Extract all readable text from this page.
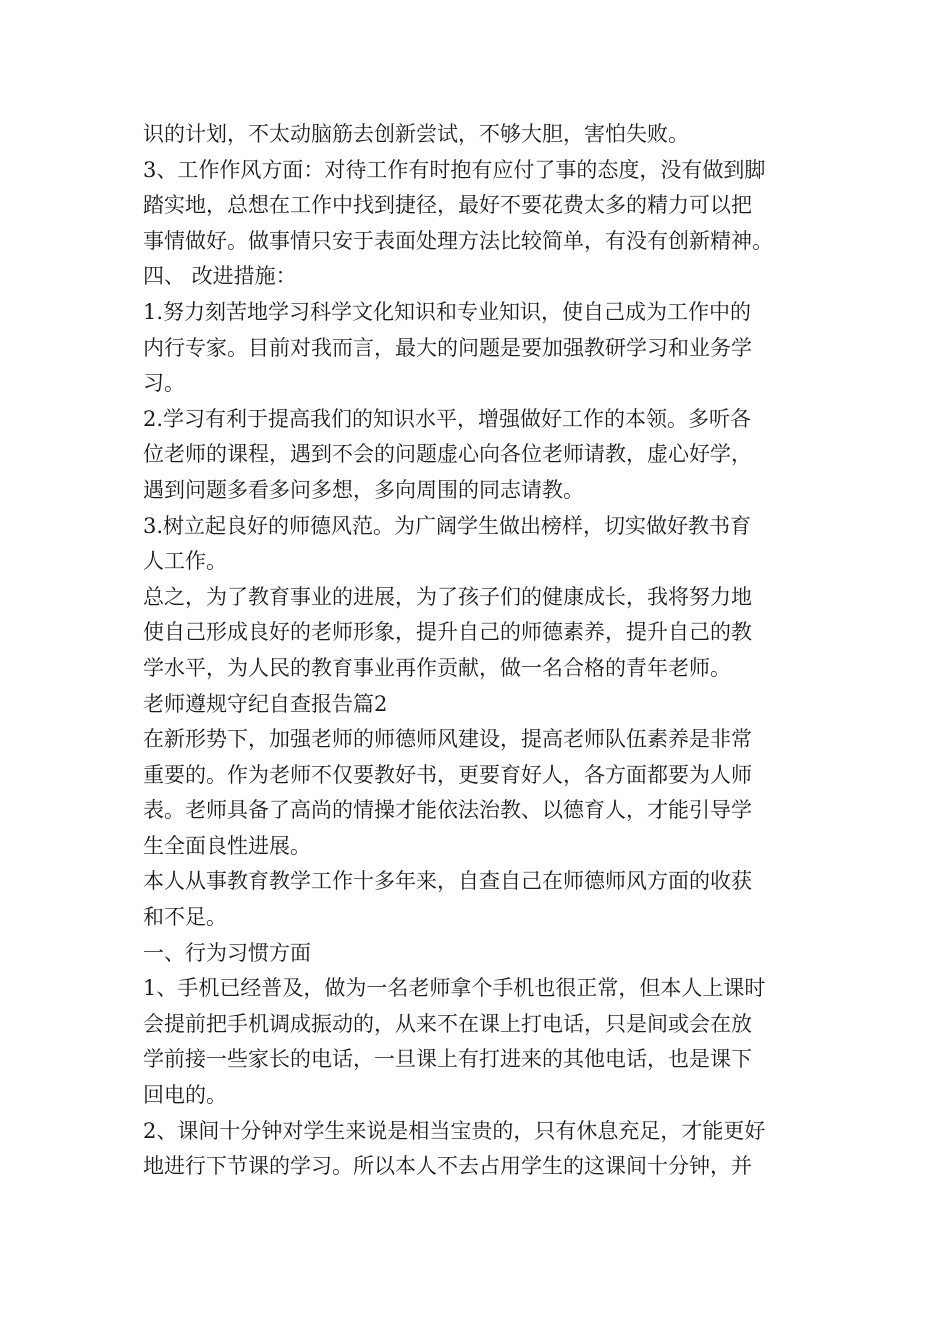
识的计划，不太动脑筋去创新尝试，不够大胆，害怕失败。
3、工作作风方面：对待工作有时抱有应付了事的态度，没有做到脚
踏实地，总想在工作中找到捷径，最好不要花费太多的精力可以把
事情做好。做事情只安于表面处理方法比较简单，有没有创新精神。
四、 改进措施：
1.努力刻苦地学习科学文化知识和专业知识，使自己成为工作中的
内行专家。目前对我而言，最大的问题是要加强教研学习和业务学
习。
2.学习有利于提高我们的知识水平，增强做好工作的本领。多听各
位老师的课程，遇到不会的问题虚心向各位老师请教，虚心好学，
遇到问题多看多问多想，多向周围的同志请教。
3.树立起良好的师德风范。为广阔学生做出榜样，切实做好教书育
人工作。
总之，为了教育事业的进展，为了孩子们的健康成长，我将努力地
使自己形成良好的老师形象，提升自己的师德素养，提升自己的教
学水平，为人民的教育事业再作贡献，做一名合格的青年老师。
老师遵规守纪自查报告篇2
在新形势下，加强老师的师德师风建设，提高老师队伍素养是非常
重要的。作为老师不仅要教好书，更要育好人，各方面都要为人师
表。老师具备了高尚的情操才能依法治教、以德育人，才能引导学
生全面良性进展。
本人从事教育教学工作十多年来，自查自己在师德师风方面的收获
和不足。
一、行为习惯方面
1、手机已经普及，做为一名老师拿个手机也很正常，但本人上课时
会提前把手机调成振动的，从来不在课上打电话，只是间或会在放
学前接一些家长的电话，一旦课上有打进来的其他电话，也是课下
回电的。
2、课间十分钟对学生来说是相当宝贵的，只有休息充足，才能更好
地进行下节课的学习。所以本人不去占用学生的这课间十分钟，并
